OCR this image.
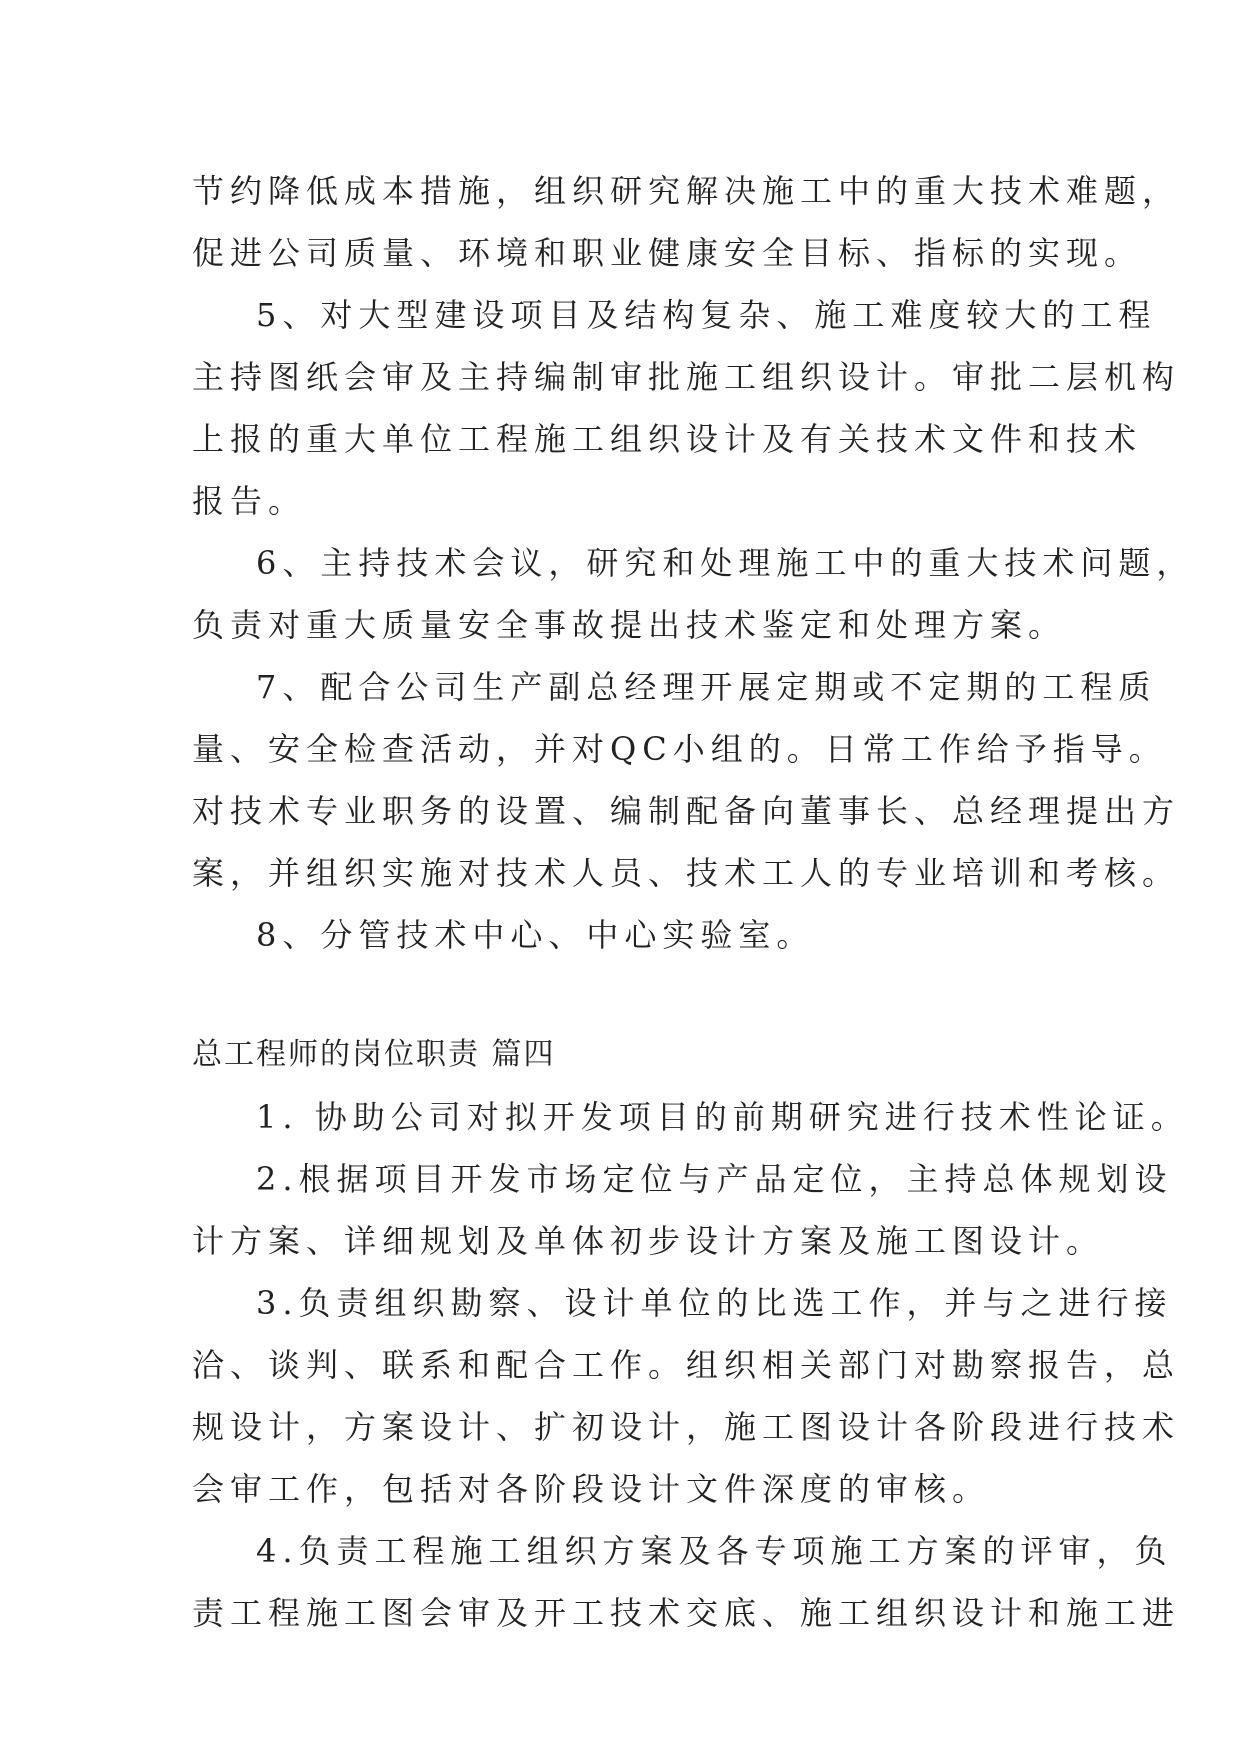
节约降低成本措施，组织研究解决施工中的重大技术难题，
促进公司质量、环境和职业健康安全目标、指标的实现。
5、对大型建设项目及结构复杂、施工难度较大的工程
主持图纸会审及主持编制审批施工组织设计。审批二层机构
上报的重大单位工程施工组织设计及有关技术文件和技术
报告。
6、主持技术会议，研究和处理施工中的重大技术问题，
负责对重大质量安全事故提出技术鉴定和处理方案。
7、配合公司生产副总经理开展定期或不定期的工程质
量、安全检查活动，并对QC小组的。日常工作给予指导。
对技术专业职务的设置、编制配备向董事长、总经理提出方
案，并组织实施对技术人员、技术工人的专业培训和考核。
8、分管技术中心、中心实验室。
总工程师的岗位职责 篇四
1. 协助公司对拟开发项目的前期研究进行技术性论证。
2.根据项目开发市场定位与产品定位，主持总体规划设
计方案、详细规划及单体初步设计方案及施工图设计。
3.负责组织勘察、设计单位的比选工作，并与之进行接
洽、谈判、联系和配合工作。组织相关部门对勘察报告，总
规设计，方案设计、扩初设计，施工图设计各阶段进行技术
会审工作，包括对各阶段设计文件深度的审核。
4.负责工程施工组织方案及各专项施工方案的评审，负
责工程施工图会审及开工技术交底、施工组织设计和施工进
